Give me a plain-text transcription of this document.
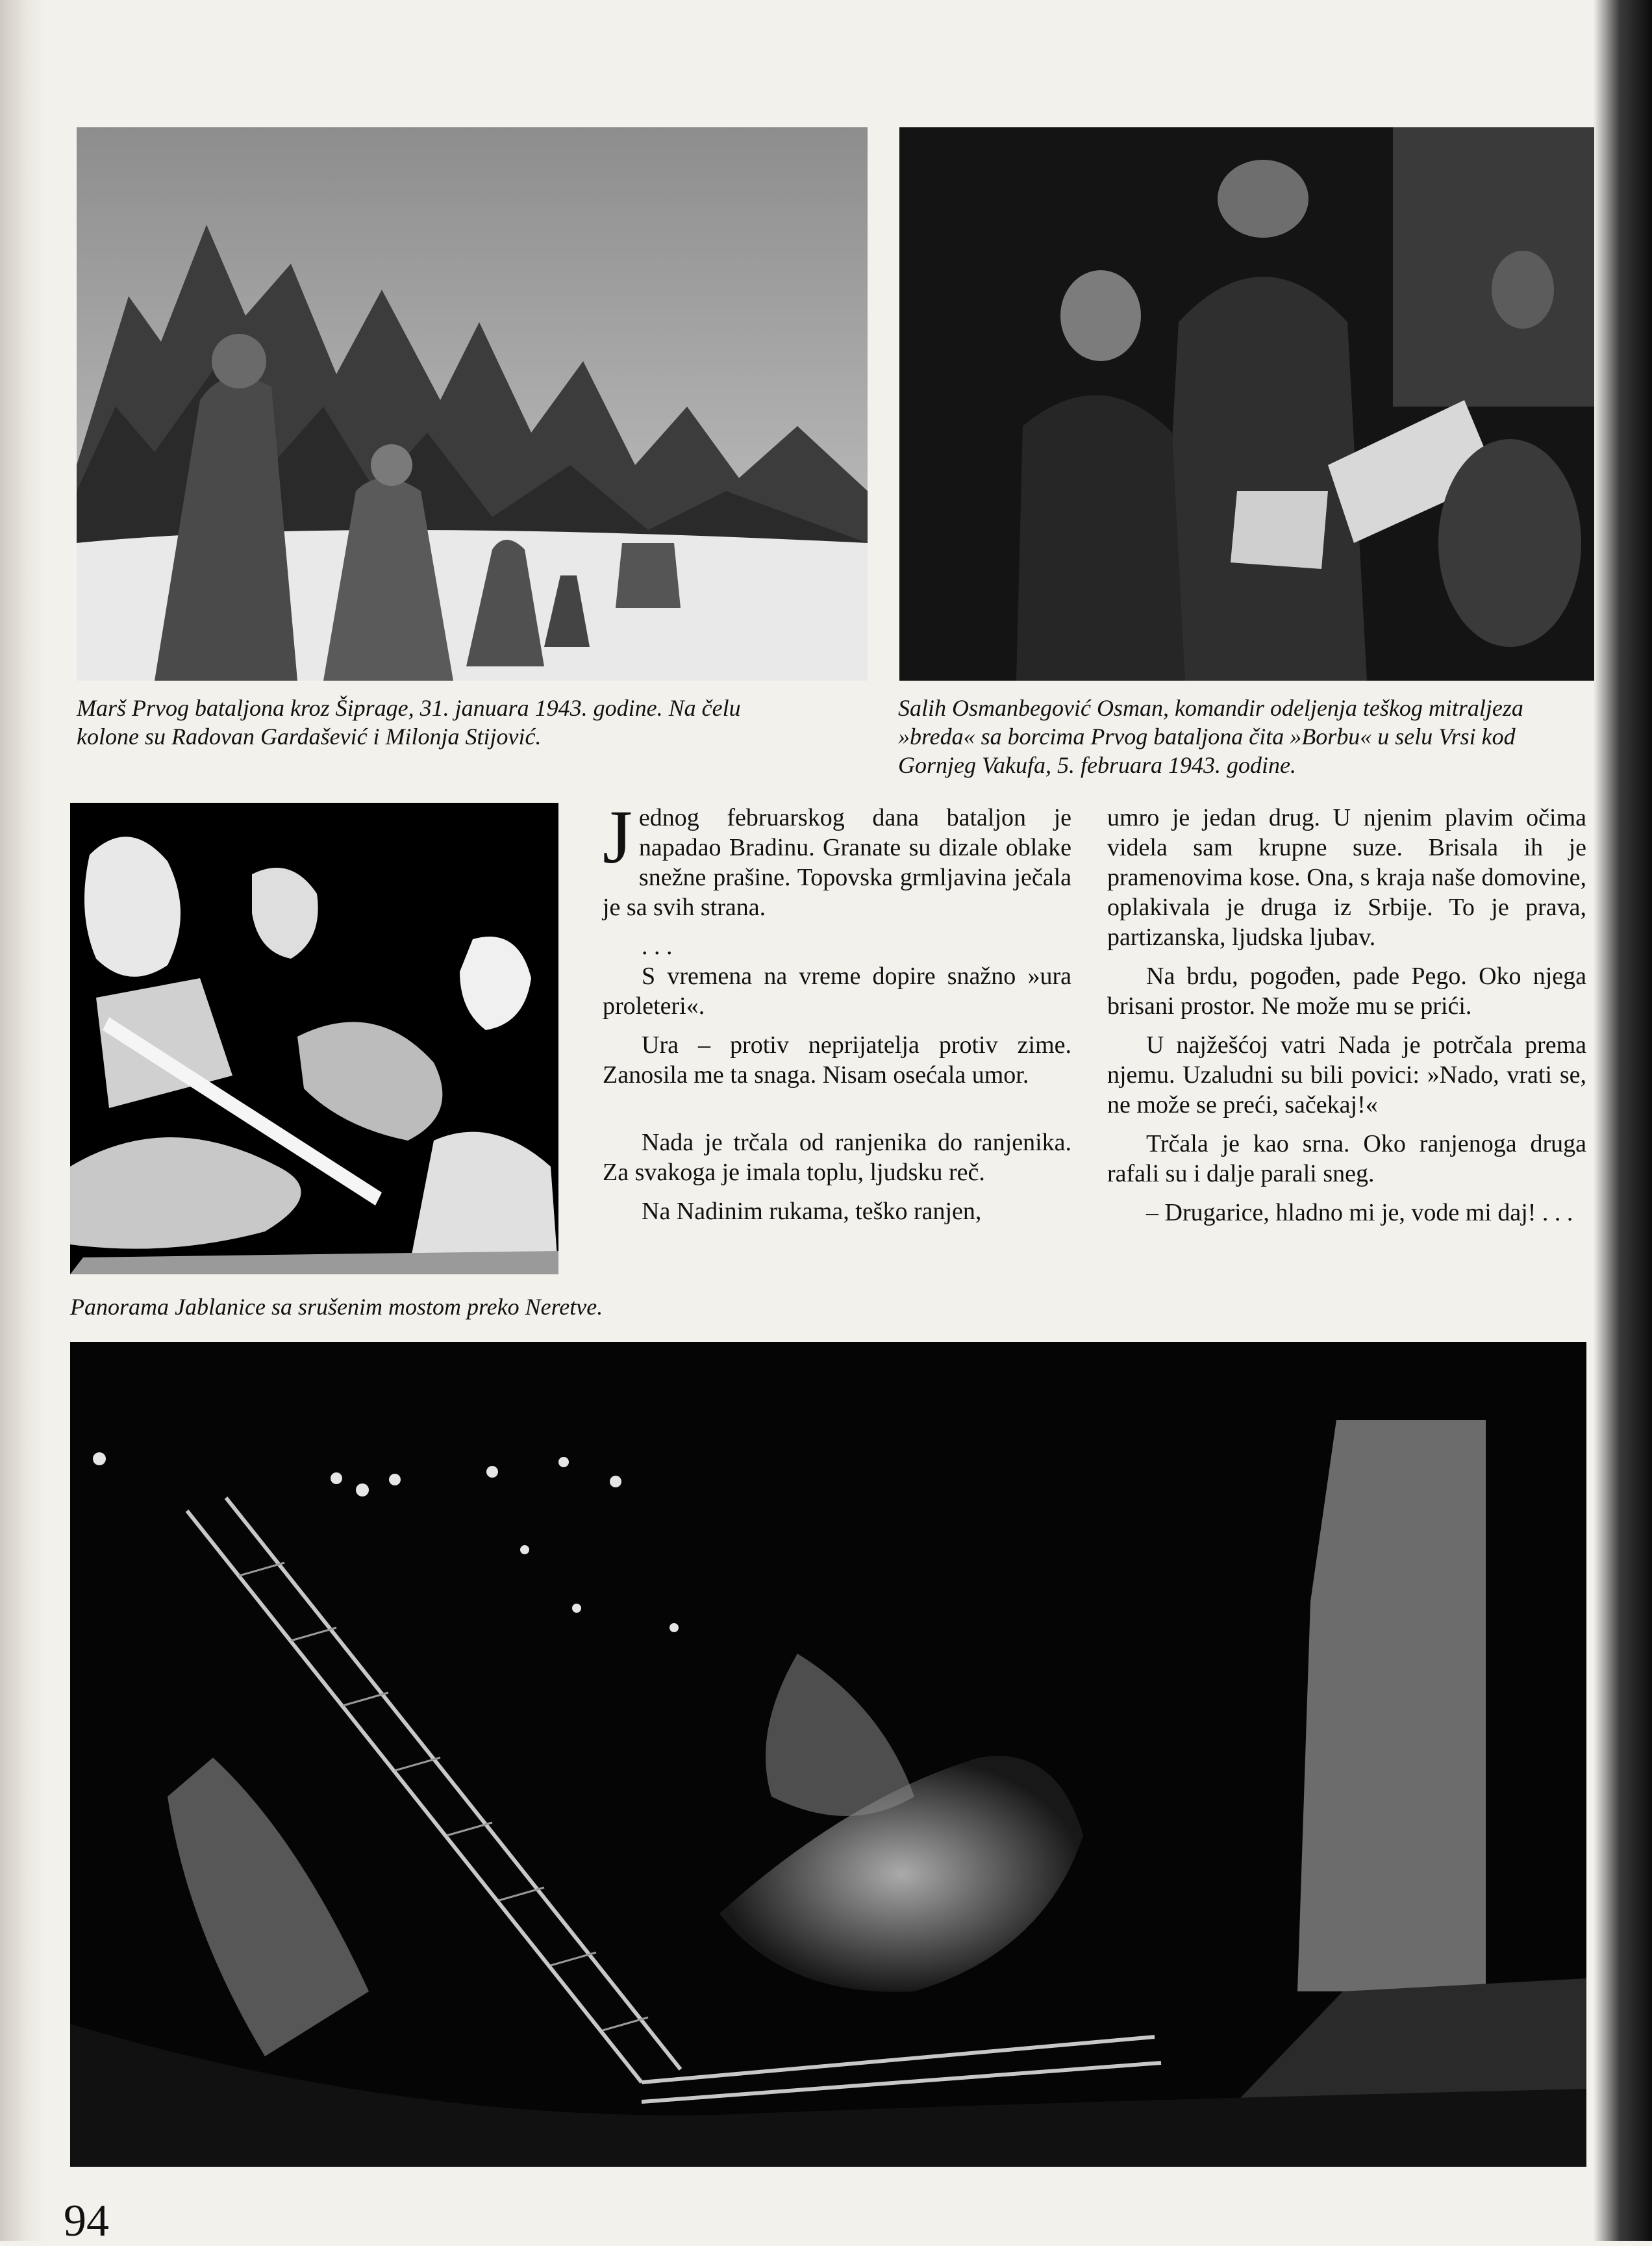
Marš Prvog bataljona kroz Šiprage, 31. januara 1943. godine. Na čelu
kolone su Radovan Gardašević i Milonja Stijović.
Salih Osmanbegović Osman, komandir odeljenja teškog mitraljeza
»breda« sa borcima Prvog bataljona čita »Borbu« u selu Vrsi kod
Gornjeg Vakufa, 5. februara 1943. godine.
Panorama Jablanice sa srušenim mostom preko Neretve.

Jednog februarskog dana bataljon je napadao Bradinu. Granate su dizale oblake snežne prašine. Topovska grmljavina ječala je sa svih strana.

. . .

S vremena na vreme dopire snažno »ura proleteri«.

Ura – protiv neprijatelja protiv zime. Zanosila me ta snaga. Nisam osećala umor.

Nada je trčala od ranjenika do ranjenika. Za svakoga je imala toplu, ljudsku reč.

Na Nadinim rukama, teško ranjen,

umro je jedan drug. U njenim plavim očima videla sam krupne suze. Brisala ih je pramenovima kose. Ona, s kraja naše domovine, oplakivala je druga iz Srbije. To je prava, partizanska, ljudska ljubav.

Na brdu, pogođen, pade Pego. Oko njega brisani prostor. Ne može mu se prići.

U najžešćoj vatri Nada je potrčala prema njemu. Uzaludni su bili povici: »Nado, vrati se, ne može se preći, sačekaj!«

Trčala je kao srna. Oko ranjenoga druga rafali su i dalje parali sneg.

– Drugarice, hladno mi je, vode mi daj! . . .

94
